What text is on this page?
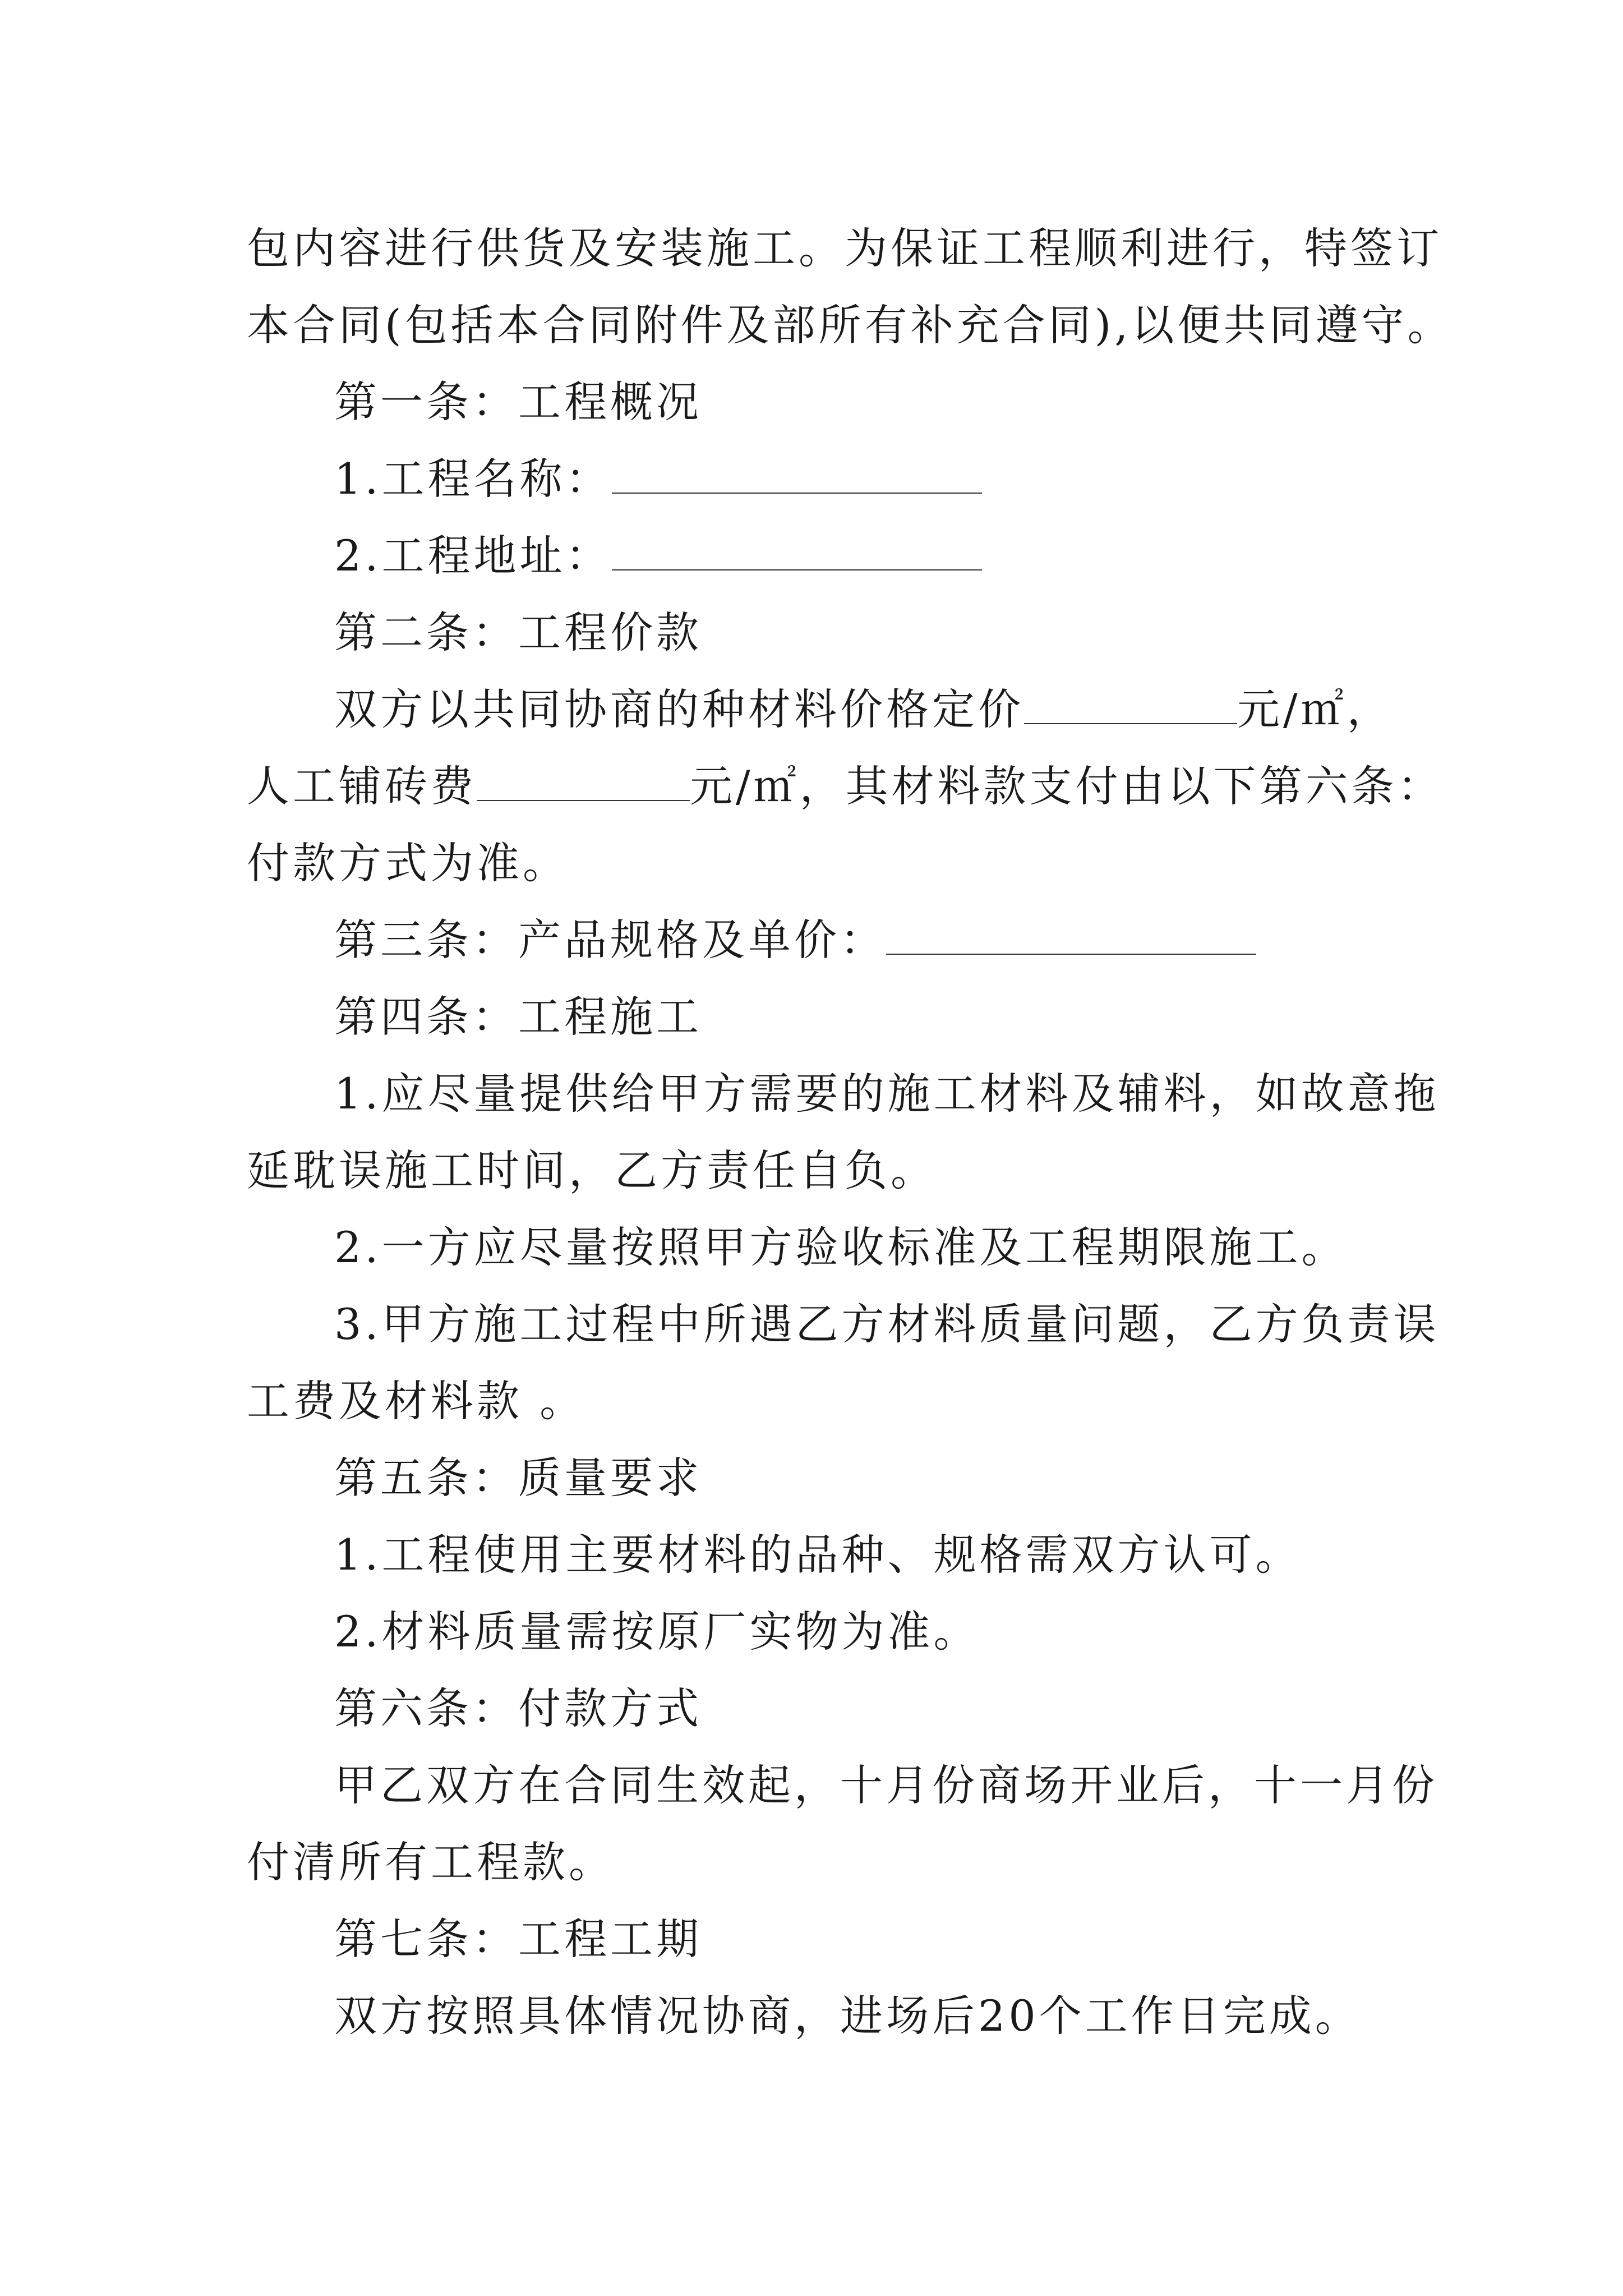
包内容进行供货及安装施工。为保证工程顺利进行，特签订
本合同(包括本合同附件及部所有补充合同),以便共同遵守。
第一条：工程概况
1.工程名称：
2.工程地址：
第二条：工程价款
双方以共同协商的种材料价格定价	元/㎡，
人工铺砖费	元/㎡，其材料款支付由以下第六条：
付款方式为准。
第三条：产品规格及单价：
第四条：工程施工
1.应尽量提供给甲方需要的施工材料及辅料，如故意拖
延耽误施工时间，乙方责任自负。
2.一方应尽量按照甲方验收标准及工程期限施工。
3.甲方施工过程中所遇乙方材料质量问题，乙方负责误
工费及材料款 。
第五条：质量要求
1.工程使用主要材料的品种、规格需双方认可。
2.材料质量需按原厂实物为准。
第六条：付款方式
甲乙双方在合同生效起，十月份商场开业后，十一月份
付清所有工程款。
第七条：工程工期
双方按照具体情况协商，进场后20个工作日完成。
